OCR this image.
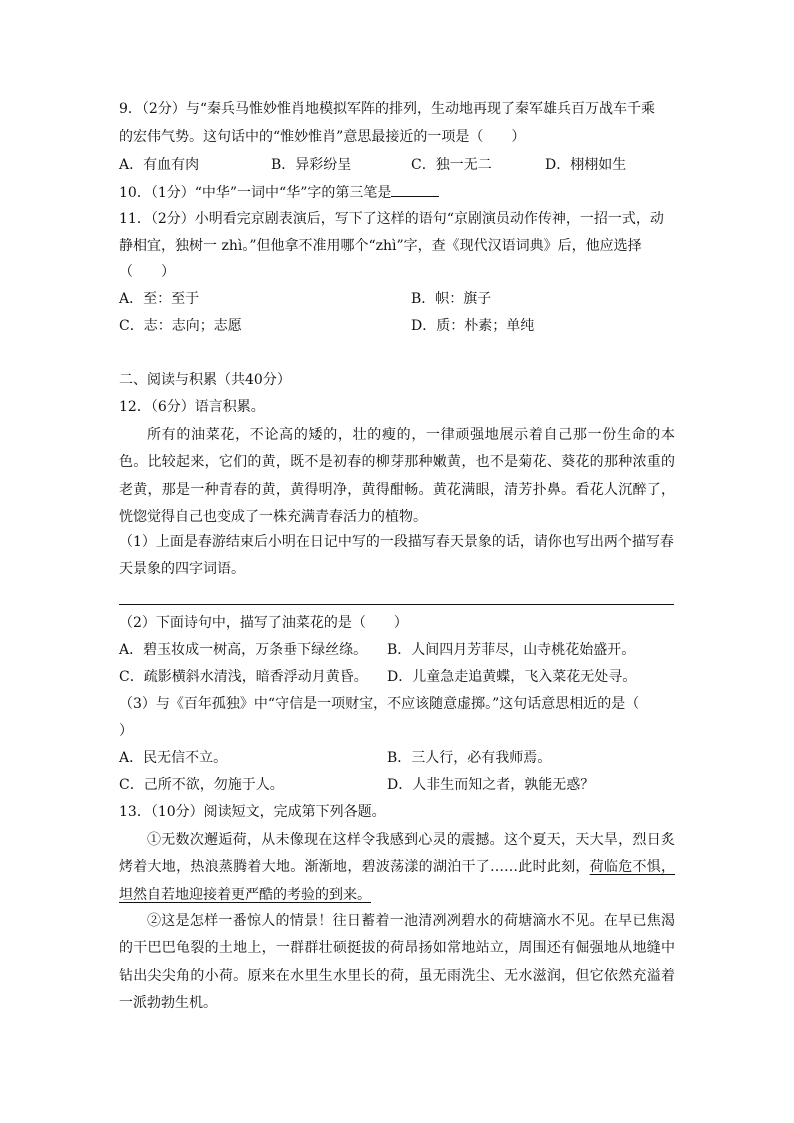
9．（2分）与“秦兵马惟妙惟肖地模拟军阵的排列，生动地再现了秦军雄兵百万战车千乘
的宏伟气势。这句话中的“惟妙惟肖”意思最接近的一项是（　　）
A．有血有肉	B．异彩纷呈	C．独一无二	D．栩栩如生
10．（1分）“中华”一词中“华”字的第三笔是
11．（2分）小明看完京剧表演后，写下了这样的语句“京剧演员动作传神，一招一式，动
静相宜，独树一 zhì。”但他拿不准用哪个“zhì”字，查《现代汉语词典》后，他应选择
（　　）
A．至：至于	B．帜：旗子
C．志：志向；志愿	D．质：朴素；单纯
二、阅读与积累（共40分）
12．（6分）语言积累。
所有的油菜花，不论高的矮的，壮的瘦的，一律顽强地展示着自己那一份生命的本色。比较起来，它们的黄，既不是初春的柳芽那种嫩黄，也不是菊花、葵花的那种浓重的老黄，那是一种青春的黄，黄得明净，黄得酣畅。黄花满眼，清芳扑鼻。看花人沉醉了，恍惚觉得自己也变成了一株充满青春活力的植物。
（1）上面是春游结束后小明在日记中写的一段描写春天景象的话，请你也写出两个描写春
天景象的四字词语。
（2）下面诗句中，描写了油菜花的是（　　）
A．碧玉妆成一树高，万条垂下绿丝绦。 B．人间四月芳菲尽，山寺桃花始盛开。
C．疏影横斜水清浅，暗香浮动月黄昏。 D．儿童急走追黄蝶，飞入菜花无处寻。
（3）与《百年孤独》中“守信是一项财宝，不应该随意虚掷。”这句话意思相近的是（
）
A．民无信不立。	B．三人行，必有我师焉。
C．己所不欲，勿施于人。	D．人非生而知之者，孰能无惑？
13．（10分）阅读短文，完成第下列各题。
①无数次邂逅荷，从未像现在这样令我感到心灵的震撼。这个夏天，天大旱，烈日炙烤着大地，热浪蒸腾着大地。渐渐地，碧波荡漾的湖泊干了……此时此刻，荷临危不惧，坦然自若地迎接着更严酷的考验的到来。
②这是怎样一番惊人的情景！往日蓄着一池清冽冽碧水的荷塘滴水不见。在早已焦渴的干巴巴龟裂的土地上，一群群壮硕挺拔的荷昂扬如常地站立，周围还有倔强地从地缝中钻出尖尖角的小荷。原来在水里生水里长的荷，虽无雨洗尘、无水滋润，但它依然充溢着一派勃勃生机。
